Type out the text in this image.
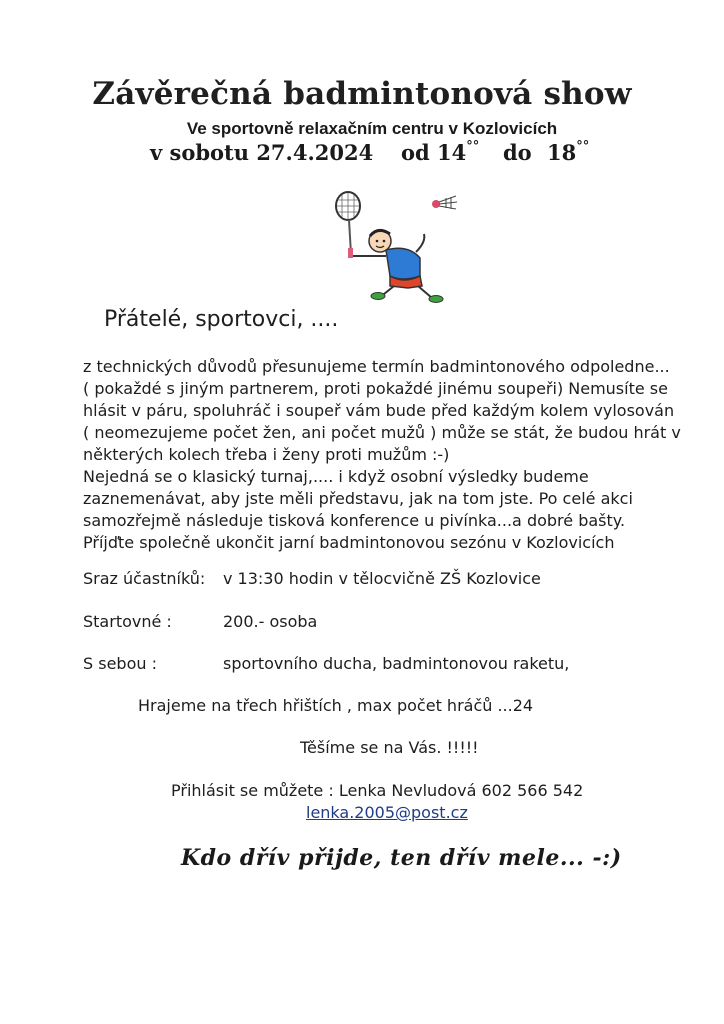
Závěrečná badmintonová show
Ve sportovně relaxačním centru v Kozlovicích
v sobotu 27.4.2024 od 14°° do 18°°
Přátelé, sportovci, ....
z technických důvodů přesunujeme termín badmintonového odpoledne...
( pokaždé s jiným partnerem, proti pokaždé jinému soupeři) Nemusíte se
hlásit v páru, spoluhráč i soupeř vám bude před každým kolem vylosován
( neomezujeme počet žen, ani počet mužů ) může se stát, že budou hrát v
některých kolech třeba i ženy proti mužům :-)
Nejedná se o klasický turnaj,.... i když osobní výsledky budeme
zaznemenávat, aby jste měli představu, jak na tom jste. Po celé akci
samozřejmě následuje tisková konference u pivínka...a dobré bašty.
Příjďte společně ukončit jarní badmintonovou sezónu v Kozlovicích
Sraz účastníků: v 13:30 hodin v tělocvičně ZŠ Kozlovice
Startovné :	200.- osoba
S sebou :	sportovního ducha, badmintonovou raketu,
Hrajeme na třech hřištích , max počet hráčů ...24
Těšíme se na Vás. !!!!!
Přihlásit se můžete : Lenka Nevludová 602 566 542
lenka.2005@post.cz
Kdo dřív přijde, ten dřív mele... -:)
